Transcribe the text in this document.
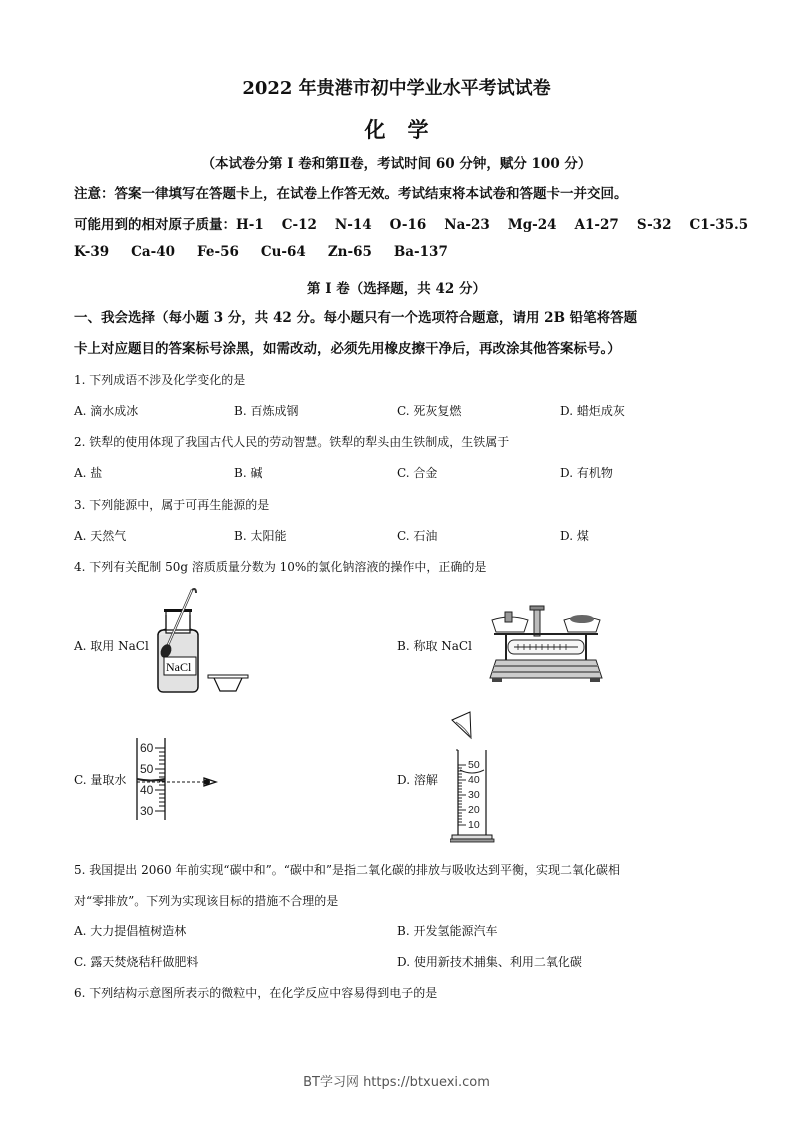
2022 年贵港市初中学业水平考试试卷
化学
（本试卷分第 I 卷和第Ⅱ卷，考试时间 60 分钟，赋分 100 分）
注意：答案一律填写在答题卡上，在试卷上作答无效。考试结束将本试卷和答题卡一并交回。
可能用到的相对原子质量：H-1 C-12 N-14 O-16 Na-23 Mg-24 A1-27 S-32 C1-35.5
K-39 Ca-40 Fe-56 Cu-64 Zn-65 Ba-137
第 I 卷（选择题，共 42 分）
一、我会选择（每小题 3 分，共 42 分。每小题只有一个选项符合题意，请用 2B 铅笔将答题
卡上对应题目的答案标号涂黑，如需改动，必须先用橡皮擦干净后，再改涂其他答案标号。）
1. 下列成语不涉及化学变化的是
A. 滴水成冰	B. 百炼成钢	C. 死灰复燃	D. 蜡炬成灰
2. 铁犁的使用体现了我国古代人民的劳动智慧。铁犁的犁头由生铁制成，生铁属于
A. 盐	B. 碱	C. 合金	D. 有机物
3. 下列能源中，属于可再生能源的是
A. 天然气	B. 太阳能	C. 石油	D. 煤
4. 下列有关配制 50g 溶质质量分数为 10%的氯化钠溶液的操作中，正确的是
A. 取用 NaCl
NaCl
B. 称取 NaCl
C. 量取水
60
50
40
30
D. 溶解
50
40
30
20
10
5. 我国提出 2060 年前实现“碳中和”。“碳中和”是指二氧化碳的排放与吸收达到平衡，实现二氧化碳相
对“零排放”。下列为实现该目标的措施不合理的是
A. 大力提倡植树造林	B. 开发氢能源汽车
C. 露天焚烧秸秆做肥料	D. 使用新技术捕集、利用二氧化碳
6. 下列结构示意图所表示的微粒中，在化学反应中容易得到电子的是
BT学习网 https://btxuexi.com
